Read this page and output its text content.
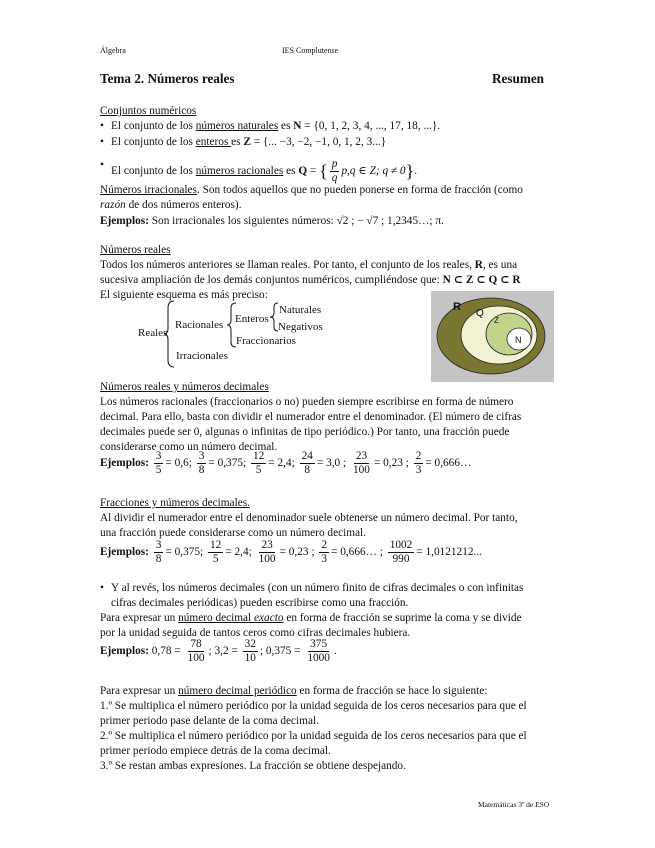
Álgebra	IES Complutense
Tema 2. Números reales	Resumen
Conjuntos numéricos
• El conjunto de los números naturales es N = {0, 1, 2, 3, 4, ..., 17, 18, ...}.
• El conjunto de los enteros es Z = {... −3, −2, −1, 0, 1, 2, 3...}
•
El conjunto de los números racionales es Q = { $\frac{p}{q} p,q$ ∈ Z; q ≠ 0}.
Números irracionales. Son todos aquellos que no pueden ponerse en forma de fracción (como
razón de dos números enteros).
Ejemplos: Son irracionales los siguientes números: √2 ; − √7 ; 1,2345…; π.
Números reales
Todos los números anteriores se llaman reales. Por tanto, el conjunto de los reales, R, es una
sucesiva ampliación de los demás conjuntos numéricos, cumpliéndose que: N ⊂ Z ⊂ Q ⊂ R
El siguiente esquema es más preciso:
Reales
Racionales
Irracionales
Enteros
Fraccionarios
Naturales
Negativos
R
Q
Z
N
Números reales y números decimales
Los números racionales (fraccionarios o no) pueden siempre escribirse en forma de número
decimal. Para ello, basta con dividir el numerador entre el denominador. (El número de cifras
decimales puede ser 0, algunas o infinitas de tipo periódico.) Por tanto, una fracción puede
considerarse como un número decimal.
Ejemplos: $\frac{3}{5} = 0,6$; $\frac{3}{8} = 0,375$; $\frac{12}{5} = 2,4$; $\frac{24}{8} = 3,0$ ; $\frac{23}{100} = 0,23$ ; $\frac{2}{3}$ = 0,666…
Fracciones y números decimales.
Al dividir el numerador entre el denominador suele obtenerse un número decimal. Por tanto,
una fracción puede considerarse como un número decimal.
Ejemplos: $\frac{3}{8} = 0,375$; $\frac{12}{5} = 2,4$; $\frac{23}{100} = 0,23$ ; $\frac{2}{3}$ = 0,666… ; $\frac{1002}{990} = 1,0121212$...
• Y al revés, los números decimales (con un número finito de cifras decimales o con infinitas
cifras decimales periódicas) pueden escribirse como una fracción.
Para expresar un número decimal exacto en forma de fracción se suprime la coma y se divide
por la unidad seguida de tantos ceros como cifras decimales hubiera.
Ejemplos: $0,78 = \frac{78}{100}$ ; $3,2 = \frac{32}{10}$ ; $0,375 = \frac{375}{1000}$ .
Para expresar un número decimal periódico en forma de fracción se hace lo siguiente:
1.º Se multiplica el número periódico por la unidad seguida de los ceros necesarios para que el
primer periodo pase delante de la coma decimal.
2.º Se multiplica el número periódico por la unidad seguida de los ceros necesarios para que el
primer periodo empiece detrás de la coma decimal.
3.º Se restan ambas expresiones. La fracción se obtiene despejando.
Matemáticas 3º de ESO
